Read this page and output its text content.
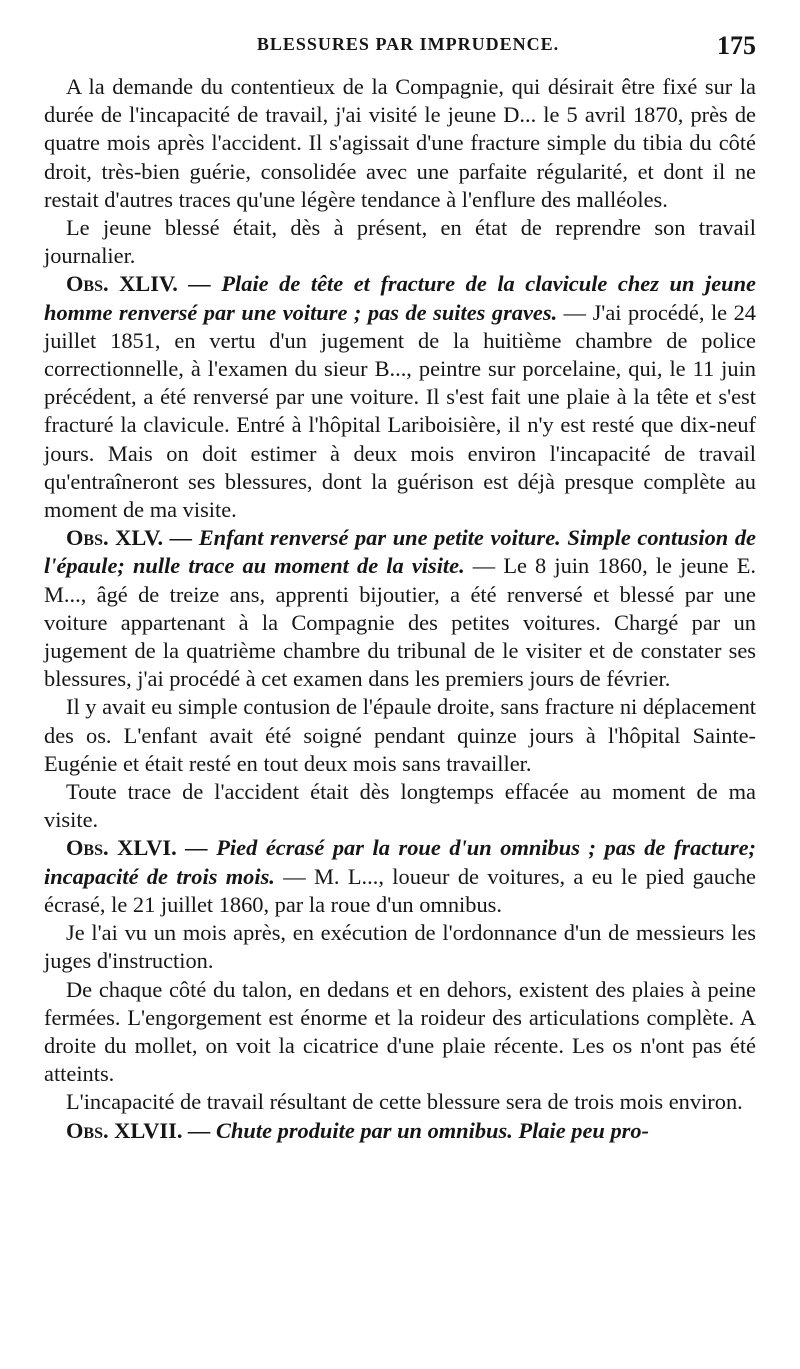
BLESSURES PAR IMPRUDENCE.	175

A la demande du contentieux de la Compagnie, qui désirait être fixé sur la durée de l'incapacité de travail, j'ai visité le jeune D... le 5 avril 1870, près de quatre mois après l'accident. Il s'agissait d'une fracture simple du tibia du côté droit, très-bien guérie, consolidée avec une parfaite régularité, et dont il ne restait d'autres traces qu'une légère tendance à l'enflure des malléoles.

Le jeune blessé était, dès à présent, en état de reprendre son travail journalier.

Obs. XLIV. — Plaie de tête et fracture de la clavicule chez un jeune homme renversé par une voiture ; pas de suites graves. — J'ai procédé, le 24 juillet 1851, en vertu d'un jugement de la huitième chambre de police correctionnelle, à l'examen du sieur B..., peintre sur porcelaine, qui, le 11 juin précédent, a été renversé par une voiture. Il s'est fait une plaie à la tête et s'est fracturé la clavicule. Entré à l'hôpital Lariboisière, il n'y est resté que dix-neuf jours. Mais on doit estimer à deux mois environ l'incapacité de travail qu'entraîneront ses blessures, dont la guérison est déjà presque complète au moment de ma visite.

Obs. XLV. — Enfant renversé par une petite voiture. Simple contusion de l'épaule; nulle trace au moment de la visite. — Le 8 juin 1860, le jeune E. M..., âgé de treize ans, apprenti bijoutier, a été renversé et blessé par une voiture appartenant à la Compagnie des petites voitures. Chargé par un jugement de la quatrième chambre du tribunal de le visiter et de constater ses blessures, j'ai procédé à cet examen dans les premiers jours de février.

Il y avait eu simple contusion de l'épaule droite, sans fracture ni déplacement des os. L'enfant avait été soigné pendant quinze jours à l'hôpital Sainte-Eugénie et était resté en tout deux mois sans travailler.

Toute trace de l'accident était dès longtemps effacée au moment de ma visite.

Obs. XLVI. — Pied écrasé par la roue d'un omnibus ; pas de fracture; incapacité de trois mois. — M. L..., loueur de voitures, a eu le pied gauche écrasé, le 21 juillet 1860, par la roue d'un omnibus.

Je l'ai vu un mois après, en exécution de l'ordonnance d'un de messieurs les juges d'instruction.

De chaque côté du talon, en dedans et en dehors, existent des plaies à peine fermées. L'engorgement est énorme et la roideur des articulations complète. A droite du mollet, on voit la cicatrice d'une plaie récente. Les os n'ont pas été atteints.

L'incapacité de travail résultant de cette blessure sera de trois mois environ.

Obs. XLVII. — Chute produite par un omnibus. Plaie peu pro-
